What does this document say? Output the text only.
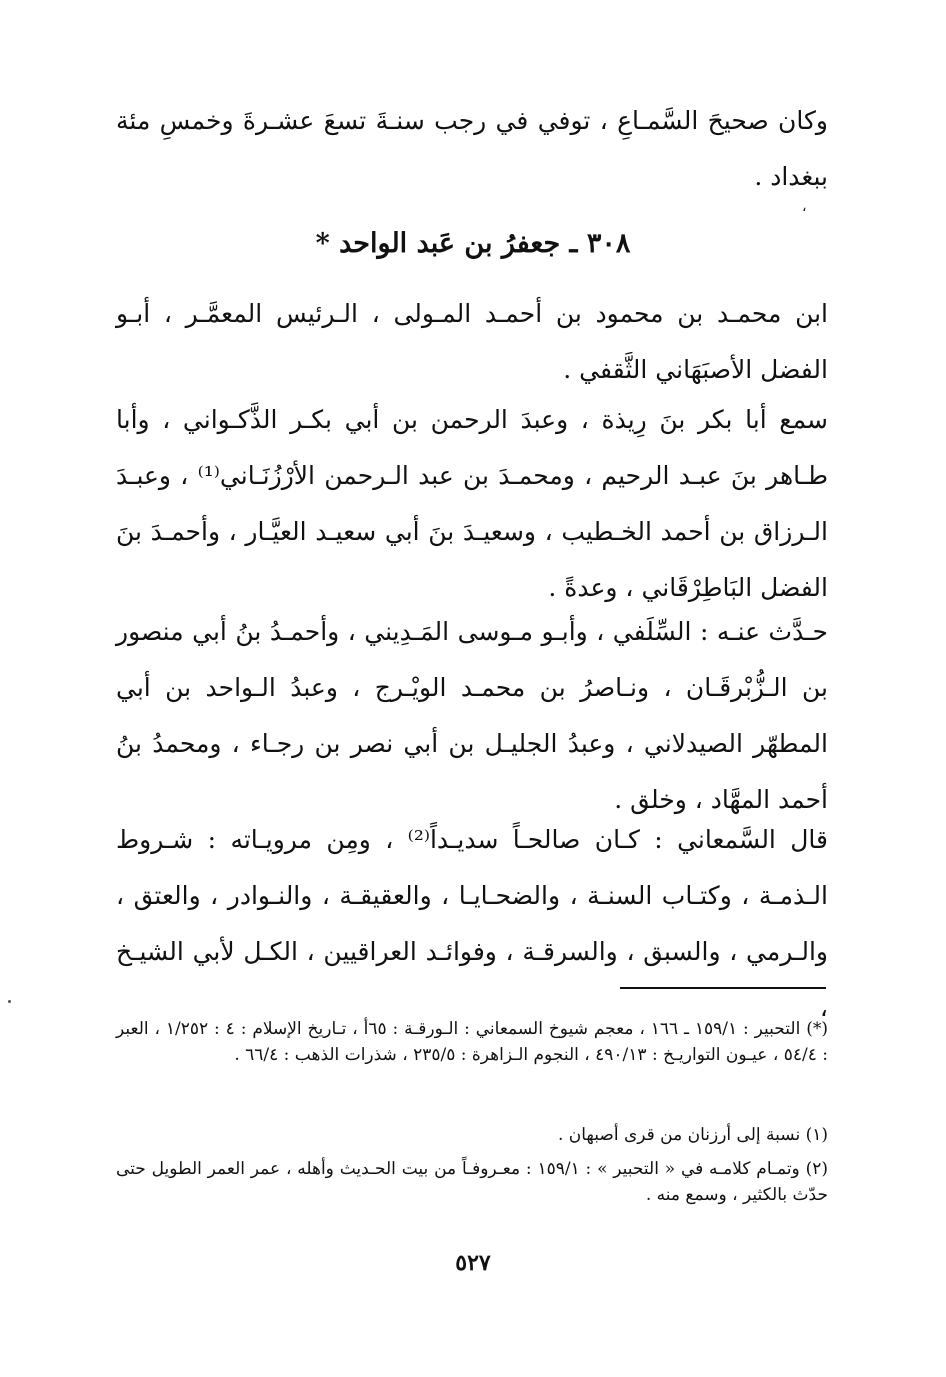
وكان صحيحَ السَّمـاعِ ، توفي في رجب سنـةَ تسعَ عشـرةَ وخمسِ مئة ببغداد .
،
٣٠٨ ـ جعفرُ بن عَبد الواحد *
ابن محمـد بن محمود بن أحمـد المـولى ، الـرئيس المعمَّـر ، أبـو الفضل الأصبَهَاني الثَّقفي .
سمع أبا بكر بنَ رِيذة ، وعبدَ الرحمن بن أبي بكـر الذَّكـواني ، وأبا طـاهر بنَ عبـد الرحيم ، ومحمـدَ بن عبد الـرحمن الأرْزُنَـاني⁽¹⁾ ، وعبـدَ الـرزاق بن أحمد الخـطيب ، وسعيـدَ بنَ أبي سعيـد العيَّـار ، وأحمـدَ بنَ الفضل البَاطِرْقَاني ، وعدةً .
حـدَّث عنـه : السِّلَفي ، وأبـو مـوسى المَـدِيني ، وأحمـدُ بنُ أبي منصور بن الـزُّبْرقَـان ، ونـاصرُ بن محمـد الويْـرج ، وعبدُ الـواحد بن أبي المطهّر الصيدلاني ، وعبدُ الجليـل بن أبي نصر بن رجـاء ، ومحمدُ بنُ أحمد المهَّاد ، وخلق .
قال السَّمعاني : كـان صالحـاً سديـداً⁽²⁾ ، ومِن مرويـاته : شـروط الـذمـة ، وكتـاب السنـة ، والضحـايـا ، والعقيقـة ، والنـوادر ، والعتق ، والـرمي ، والسبق ، والسرقـة ، وفوائـد العراقيين ، الكـل لأبي الشيـخ ،
(*) التحبير : ١٥٩/١ ـ ١٦٦ ، معجم شيوخ السمعاني : الـورقـة : ٦٥أ ، تـاريخ الإسلام : ٤ : ١/٢٥٢ ، العبر : ٥٤/٤ ، عيـون التواريـخ : ٤٩٠/١٣ ، النجوم الـزاهرة : ٢٣٥/٥ ، شذرات الذهب : ٦٦/٤ .
(١) نسبة إلى أرزنان من قرى أصبهان .
(٢) وتمـام كلامـه في « التحبير » : ١٥٩/١ : معـروفـاً من بيت الحـديث وأهله ، عمر العمر الطويل حتى حدّث بالكثير ، وسمع منه .
٥٢٧
